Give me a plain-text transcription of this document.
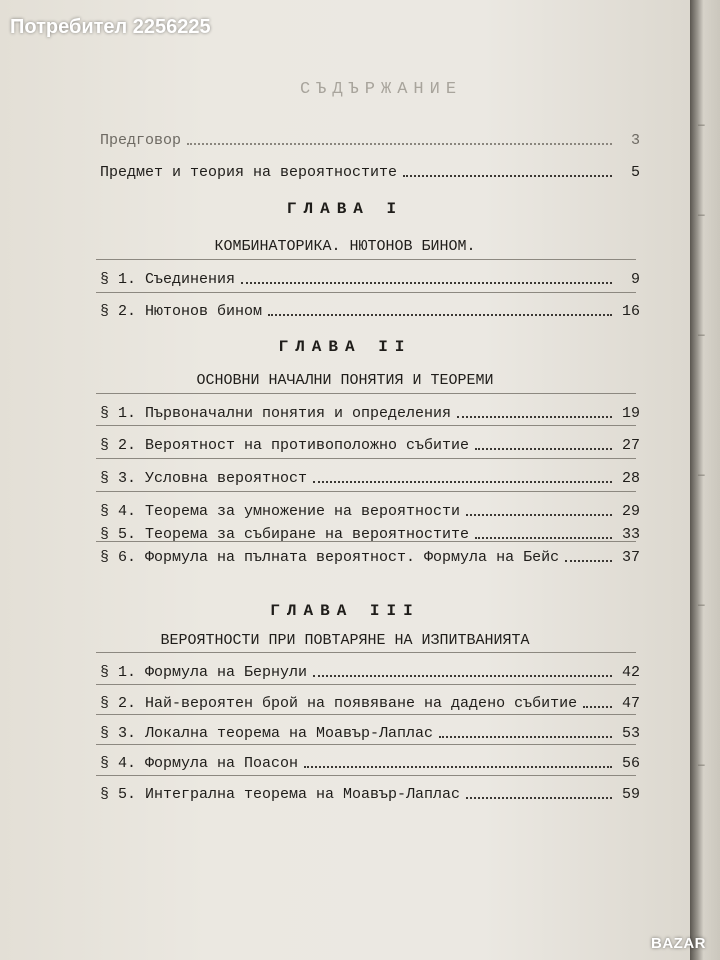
СЪДЪРЖАНИЕ
Предговор	3
Предмет и теория на вероятностите	5
ГЛАВА I
КОМБИНАТОРИКА. НЮТОНОВ БИНОМ.
§ 1. Съединения	9
§ 2. Нютонов бином	16
ГЛАВА II
ОСНОВНИ НАЧАЛНИ ПОНЯТИЯ И ТЕОРЕМИ
§ 1. Първоначални понятия и определения	19
§ 2. Вероятност на противоположно събитие	27
§ 3. Условна вероятност	28
§ 4. Теорема за умножение на вероятности	29
§ 5. Теорема за събиране на вероятностите	33
§ 6. Формула на пълната вероятност. Формула на Бейс	37
ГЛАВА III
ВЕРОЯТНОСТИ ПРИ ПОВТАРЯНЕ НА ИЗПИТВАНИЯТА
§ 1. Формула на Бернули	42
§ 2. Най-вероятен брой на появяване на дадено събитие	47
§ 3. Локална теорема на Моавър-Лаплас	53
§ 4. Формула на Поасон	56
§ 5. Интегрална теорема на Моавър-Лаплас	59
Потребител 2256225
—
—
—
—
—
—
BAZAR
